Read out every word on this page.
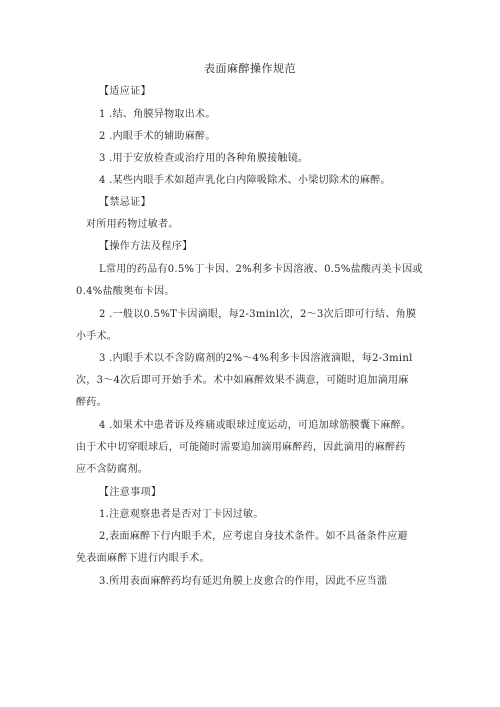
表面麻醉操作规范
【适应证】
1 .结、角膜异物取出术。
2 .内眼手术的辅助麻醉。
3 .用于安放检查或治疗用的各种角膜接触镜。
4 .某些内眼手术如超声乳化白内障吸除术、小梁切除术的麻醉。
【禁忌证】
对所用药物过敏者。
【操作方法及程序】
L常用的药品有0.5%丁卡因、2%利多卡因溶液、0.5%盐酸丙美卡因或
0.4%盐酸奥布卡因。
2 .一般以0.5%T卡因滴眼，每2-3minl次，2～3次后即可行结、角膜
小手术。
3 .内眼手术以不含防腐剂的2%～4%利多卡因溶液滴眼，每2-3minl
次，3～4次后即可开始手术。术中如麻醉效果不满意，可随时追加滴用麻
醉药。
4 .如果术中患者诉及疼痛或眼球过度运动，可追加球筋膜囊下麻醉。
由于术中切穿眼球后，可能随时需要追加滴用麻醉药，因此滴用的麻醉药
应不含防腐剂。
【注意事项】
1.注意观察患者是否对丁卡因过敏。
2,表面麻醉下行内眼手术，应考虑自身技术条件。如不具备条件应避
免表面麻醉下进行内眼手术。
3.所用表面麻醉药均有延迟角膜上皮愈合的作用，因此不应当滥
